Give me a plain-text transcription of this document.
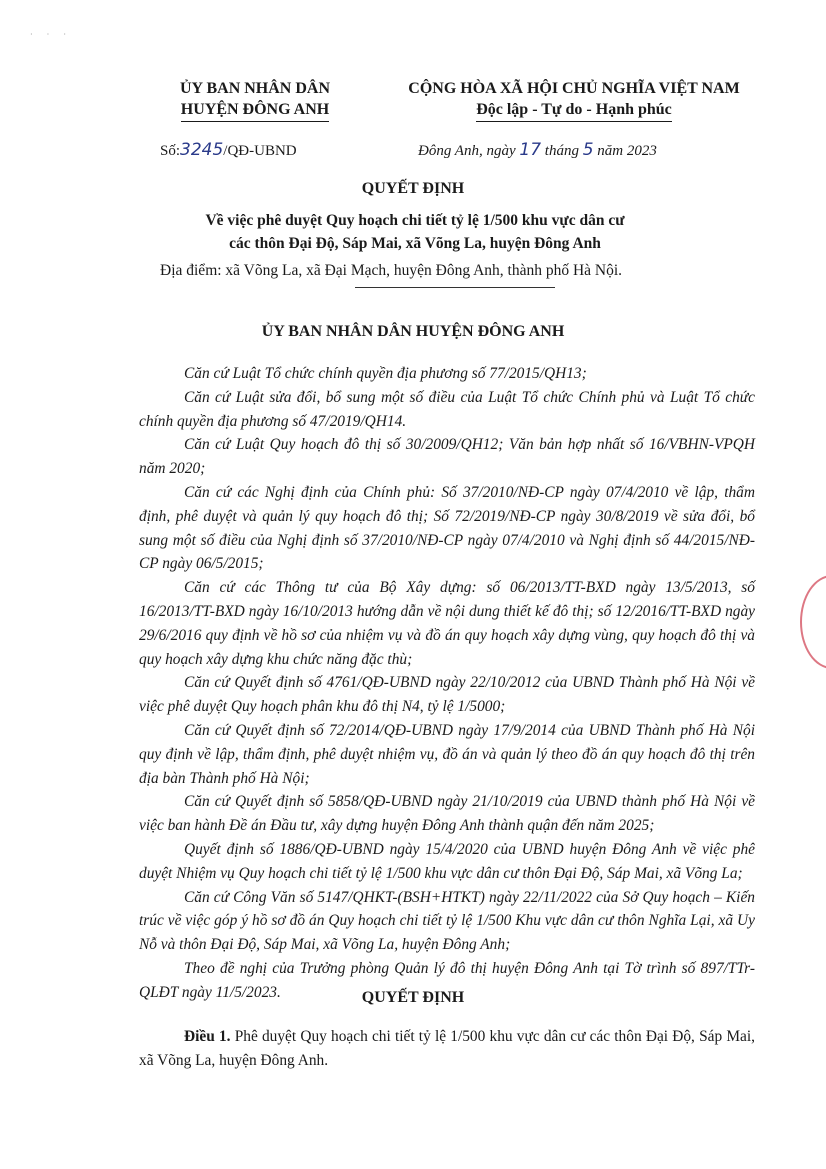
· · ·
ỦY BAN NHÂN DÂN
HUYỆN ĐÔNG ANH
CỘNG HÒA XÃ HỘI CHỦ NGHĨA VIỆT NAM
Độc lập - Tự do - Hạnh phúc
Số:3245/QĐ-UBND	Đông Anh, ngày 17 tháng 5 năm 2023
QUYẾT ĐỊNH
Về việc phê duyệt Quy hoạch chi tiết tỷ lệ 1/500 khu vực dân cư
các thôn Đại Độ, Sáp Mai, xã Võng La, huyện Đông Anh
Địa điểm: xã Võng La, xã Đại Mạch, huyện Đông Anh, thành phố Hà Nội.
ỦY BAN NHÂN DÂN HUYỆN ĐÔNG ANH

Căn cứ Luật Tổ chức chính quyền địa phương số 77/2015/QH13;

Căn cứ Luật sửa đổi, bổ sung một số điều của Luật Tổ chức Chính phủ và Luật Tổ chức chính quyền địa phương số 47/2019/QH14.

Căn cứ Luật Quy hoạch đô thị số 30/2009/QH12; Văn bản hợp nhất số 16/VBHN-VPQH năm 2020;

Căn cứ các Nghị định của Chính phủ: Số 37/2010/NĐ-CP ngày 07/4/2010 về lập, thẩm định, phê duyệt và quản lý quy hoạch đô thị; Số 72/2019/NĐ-CP ngày 30/8/2019 về sửa đổi, bổ sung một số điều của Nghị định số 37/2010/NĐ-CP ngày 07/4/2010 và Nghị định số 44/2015/NĐ-CP ngày 06/5/2015;

Căn cứ các Thông tư của Bộ Xây dựng: số 06/2013/TT-BXD ngày 13/5/2013, số 16/2013/TT-BXD ngày 16/10/2013 hướng dẫn về nội dung thiết kế đô thị; số 12/2016/TT-BXD ngày 29/6/2016 quy định về hồ sơ của nhiệm vụ và đồ án quy hoạch xây dựng vùng, quy hoạch đô thị và quy hoạch xây dựng khu chức năng đặc thù;

Căn cứ Quyết định số 4761/QĐ-UBND ngày 22/10/2012 của UBND Thành phố Hà Nội về việc phê duyệt Quy hoạch phân khu đô thị N4, tỷ lệ 1/5000;

Căn cứ Quyết định số 72/2014/QĐ-UBND ngày 17/9/2014 của UBND Thành phố Hà Nội quy định về lập, thẩm định, phê duyệt nhiệm vụ, đồ án và quản lý theo đồ án quy hoạch đô thị trên địa bàn Thành phố Hà Nội;

Căn cứ Quyết định số 5858/QĐ-UBND ngày 21/10/2019 của UBND thành phố Hà Nội về việc ban hành Đề án Đầu tư, xây dựng huyện Đông Anh thành quận đến năm 2025;

Quyết định số 1886/QĐ-UBND ngày 15/4/2020 của UBND huyện Đông Anh về việc phê duyệt Nhiệm vụ Quy hoạch chi tiết tỷ lệ 1/500 khu vực dân cư thôn Đại Độ, Sáp Mai, xã Võng La;

Căn cứ Công Văn số 5147/QHKT-(BSH+HTKT) ngày 22/11/2022 của Sở Quy hoạch – Kiến trúc về việc góp ý hồ sơ đồ án Quy hoạch chi tiết tỷ lệ 1/500 Khu vực dân cư thôn Nghĩa Lại, xã Uy Nỗ và thôn Đại Độ, Sáp Mai, xã Võng La, huyện Đông Anh;

Theo đề nghị của Trưởng phòng Quản lý đô thị huyện Đông Anh tại Tờ trình số 897/TTr-QLĐT ngày 11/5/2023.	QUYẾT ĐỊNH

Điều 1. Phê duyệt Quy hoạch chi tiết tỷ lệ 1/500 khu vực dân cư các thôn Đại Độ, Sáp Mai, xã Võng La, huyện Đông Anh.
